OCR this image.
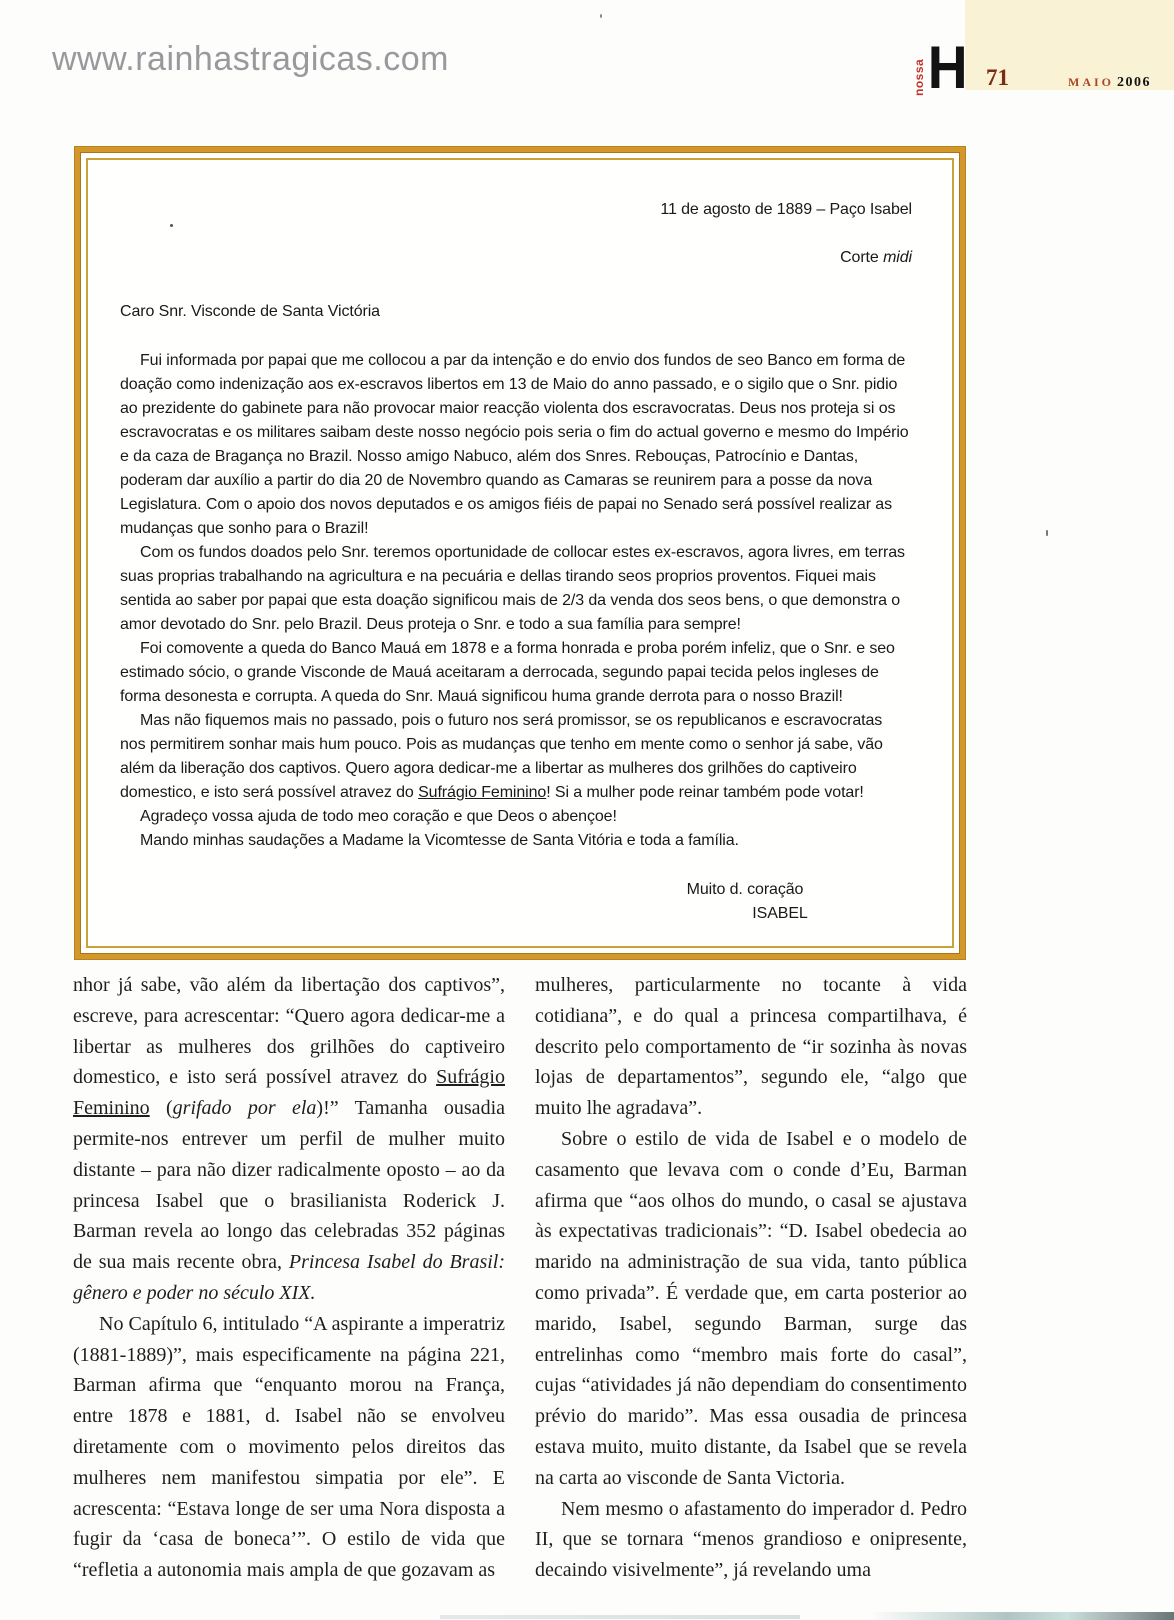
www.rainhastragicas.com	nossa H 71	MAIO 2006

11 de agosto de 1889 – Paço Isabel

Corte midi

Caro Snr. Visconde de Santa Victória

Fui informada por papai que me collocou a par da intenção e do envio dos fundos de seo Banco em forma de doação como indenização aos ex-escravos libertos em 13 de Maio do anno passado, e o sigilo que o Snr. pidio ao prezidente do gabinete para não provocar maior reacção violenta dos escravocratas. Deus nos proteja si os escravocratas e os militares saibam deste nosso negócio pois seria o fim do actual governo e mesmo do Império e da caza de Bragança no Brazil. Nosso amigo Nabuco, além dos Snres. Rebouças, Patrocínio e Dantas, poderam dar auxílio a partir do dia 20 de Novembro quando as Camaras se reunirem para a posse da nova Legislatura. Com o apoio dos novos deputados e os amigos fiéis de papai no Senado será possível realizar as mudanças que sonho para o Brazil!

Com os fundos doados pelo Snr. teremos oportunidade de collocar estes ex-escravos, agora livres, em terras suas proprias trabalhando na agricultura e na pecuária e dellas tirando seos proprios proventos. Fiquei mais sentida ao saber por papai que esta doação significou mais de 2/3 da venda dos seos bens, o que demonstra o amor devotado do Snr. pelo Brazil. Deus proteja o Snr. e todo a sua família para sempre!

Foi comovente a queda do Banco Mauá em 1878 e a forma honrada e proba porém infeliz, que o Snr. e seo estimado sócio, o grande Visconde de Mauá aceitaram a derrocada, segundo papai tecida pelos ingleses de forma desonesta e corrupta. A queda do Snr. Mauá significou huma grande derrota para o nosso Brazil!

Mas não fiquemos mais no passado, pois o futuro nos será promissor, se os republicanos e escravocratas nos permitirem sonhar mais hum pouco. Pois as mudanças que tenho em mente como o senhor já sabe, vão além da liberação dos captivos. Quero agora dedicar-me a libertar as mulheres dos grilhões do captiveiro domestico, e isto será possível atravez do Sufrágio Feminino! Si a mulher pode reinar também pode votar!

Agradeço vossa ajuda de todo meo coração e que Deos o abençoe!

Mando minhas saudações a Madame la Vicomtesse de Santa Vitória e toda a família.

Muito d. coração

ISABEL

nhor já sabe, vão além da libertação dos captivos”, escreve, para acrescentar: “Quero agora dedicar-me a libertar as mulheres dos grilhões do captiveiro domestico, e isto será possível atravez do Sufrágio Feminino (grifado por ela)!” Tamanha ousadia permite-nos entrever um perfil de mulher muito distante – para não dizer radicalmente oposto – ao da princesa Isabel que o brasilianista Roderick J. Barman revela ao longo das celebradas 352 páginas de sua mais recente obra, Princesa Isabel do Brasil: gênero e poder no século XIX.

No Capítulo 6, intitulado “A aspirante a imperatriz (1881-1889)”, mais especificamente na página 221, Barman afirma que “enquanto morou na França, entre 1878 e 1881, d. Isabel não se envolveu diretamente com o movimento pelos direitos das mulheres nem manifestou simpatia por ele”. E acrescenta: “Estava longe de ser uma Nora disposta a fugir da ‘casa de boneca’”. O estilo de vida que “refletia a autonomia mais ampla de que gozavam as

mulheres, particularmente no tocante à vida cotidiana”, e do qual a princesa compartilhava, é descrito pelo comportamento de “ir sozinha às novas lojas de departamentos”, segundo ele, “algo que muito lhe agradava”.

Sobre o estilo de vida de Isabel e o modelo de casamento que levava com o conde d’Eu, Barman afirma que “aos olhos do mundo, o casal se ajustava às expectativas tradicionais”: “D. Isabel obedecia ao marido na administração de sua vida, tanto pública como privada”. É verdade que, em carta posterior ao marido, Isabel, segundo Barman, surge das entrelinhas como “membro mais forte do casal”, cujas “atividades já não dependiam do consentimento prévio do marido”. Mas essa ousadia de princesa estava muito, muito distante, da Isabel que se revela na carta ao visconde de Santa Victoria.

Nem mesmo o afastamento do imperador d. Pedro II, que se tornara “menos grandioso e onipresente, decaindo visivelmente”, já revelando uma
